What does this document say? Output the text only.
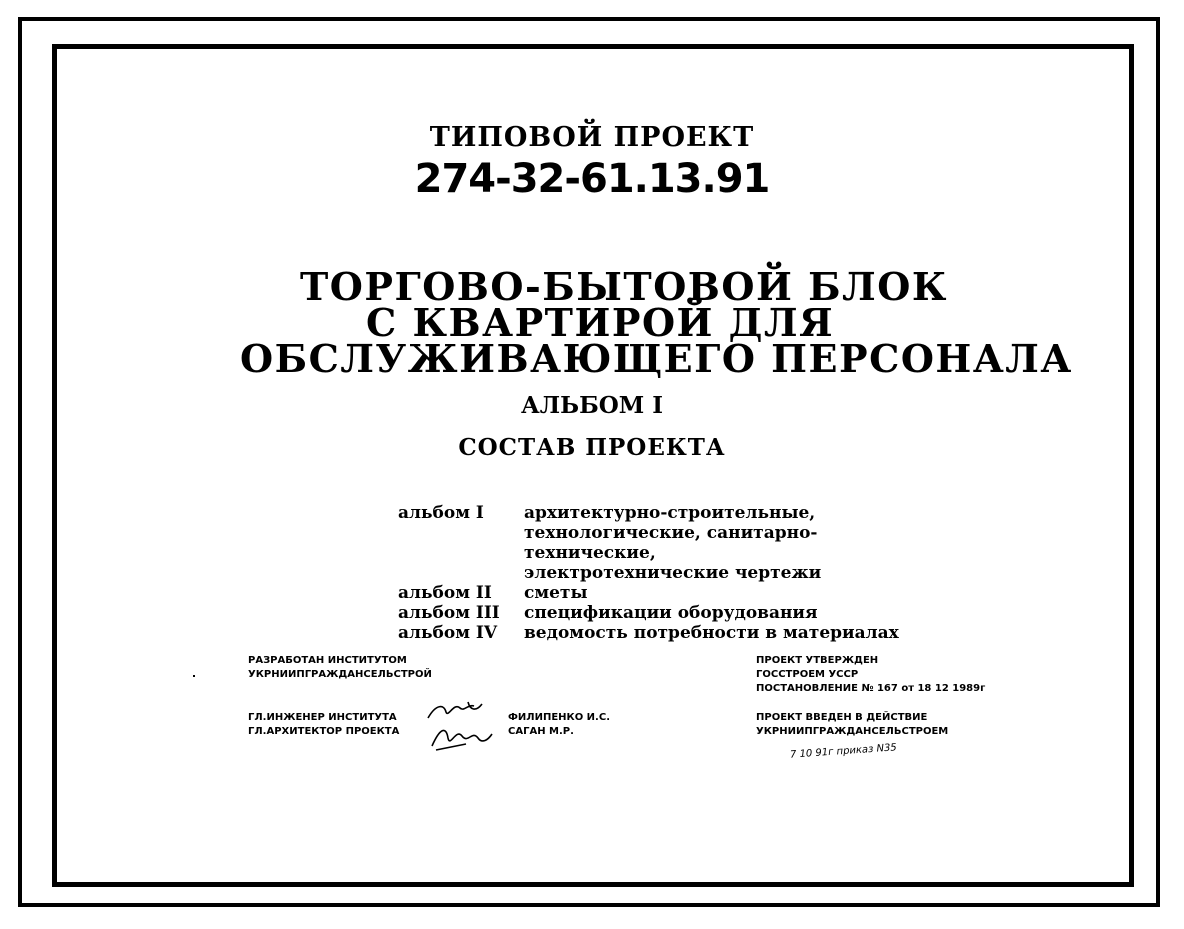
ТИПОВОЙ ПРОЕКТ
274-32-61.13.91
ТОРГОВО-БЫТОВОЙ БЛОК
С КВАРТИРОЙ ДЛЯ
ОБСЛУЖИВАЮЩЕГО ПЕРСОНАЛА
АЛЬБОМ I
СОСТАВ ПРОЕКТА
альбом I	архитектурно-строительные, технологические, санитарно-технические, электротехнические чертежи
альбом II	сметы
альбом III	спецификации оборудования
альбом IV	ведомость потребности в материалах
РАЗРАБОТАН ИНСТИТУТОМ
УКРНИИПГРАЖДАНСЕЛЬСТРОЙ
ПРОЕКТ УТВЕРЖДЕН
ГОССТРОЕМ УССР
ПОСТАНОВЛЕНИЕ № 167 от 18 12 1989г
ГЛ.ИНЖЕНЕР ИНСТИТУТА
ГЛ.АРХИТЕКТОР ПРОЕКТА
ФИЛИПЕНКО И.С.
САГАН М.Р.
ПРОЕКТ ВВЕДЕН В ДЕЙСТВИЕ
УКРНИИПГРАЖДАНСЕЛЬСТРОЕМ
7 10 91г приказ N35
